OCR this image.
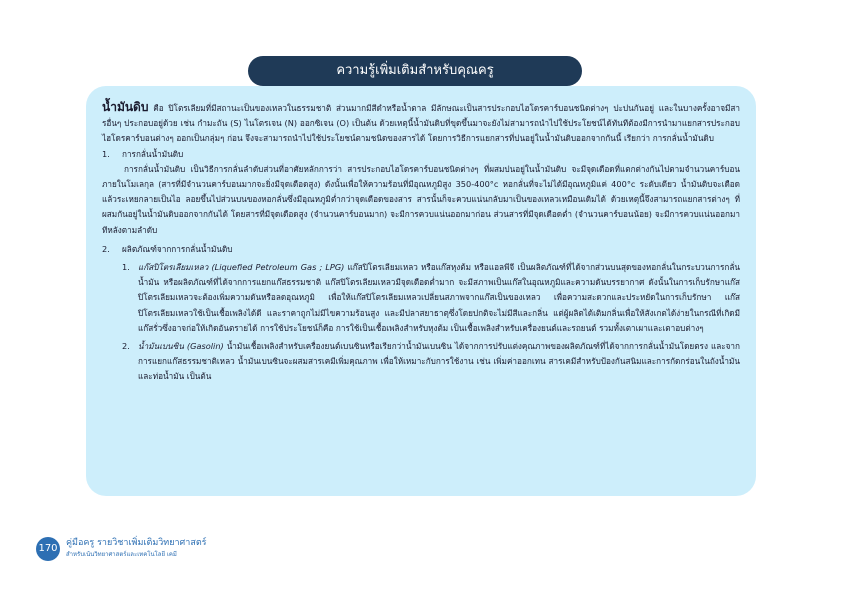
ความรู้เพิ่มเติมสำหรับคุณครู

น้ำมันดิบ คือ ปิโตรเลียมที่มีสถานะเป็นของเหลวในธรรมชาติ ส่วนมากมีสีดำหรือน้ำตาล มีลักษณะเป็นสารประกอบไฮโดรคาร์บอนชนิดต่างๆ ปะปนกันอยู่ และในบางครั้งอาจมีสารอื่นๆ ประกอบอยู่ด้วย เช่น กำมะถัน (S) ไนโตรเจน (N) ออกซิเจน (O) เป็นต้น ด้วยเหตุนี้น้ำมันดิบที่ขุดขึ้นมาจะยังไม่สามารถนำไปใช้ประโยชน์ได้ทันทีต้องมีการนำมาแยกสารประกอบไฮโดรคาร์บอนต่างๆ ออกเป็นกลุ่มๆ ก่อน จึงจะสามารถนำไปใช้ประโยชน์ตามชนิดของสารได้ โดยการวิธีการแยกสารที่ปนอยู่ในน้ำมันดิบออกจากกันนี้ เรียกว่า การกลั่นน้ำมันดิบ

1. การกลั่นน้ำมันดิบ

การกลั่นน้ำมันดิบ เป็นวิธีการกลั่นลำดับส่วนที่อาศัยหลักการว่า สารประกอบไฮโดรคาร์บอนชนิดต่างๆ ที่ผสมปนอยู่ในน้ำมันดิบ จะมีจุดเดือดที่แตกต่างกันไปตามจำนวนคาร์บอนภายในโมเลกุล (สารที่มีจำนวนคาร์บอนมากจะยิ่งมีจุดเดือดสูง) ดังนั้นเพื่อให้ความร้อนที่มีอุณหภูมิสูง 350-400°c หอกลั่นที่จะไม่ได้มีอุณหภูมิแค่ 400°c ระดับเดียว น้ำมันดิบจะเดือดแล้วระเหยกลายเป็นไอ ลอยขึ้นไปส่วนบนของหอกลั่นซึ่งมีอุณหภูมิต่ำกว่าจุดเดือดของสาร สารนั้นก็จะควบแน่นกลับมาเป็นของเหลวเหมือนเดิมได้ ด้วยเหตุนี้จึงสามารถแยกสารต่างๆ ที่ผสมกันอยู่ในน้ำมันดิบออกจากกันได้ โดยสารที่มีจุดเดือดสูง (จำนวนคาร์บอนมาก) จะมีการควบแน่นออกมาก่อน ส่วนสารที่มีจุดเดือดต่ำ (จำนวนคาร์บอนน้อย) จะมีการควบแน่นออกมาทีหลังตามลำดับ

2. ผลิตภัณฑ์จากการกลั่นน้ำมันดิบ

1. แก๊สปิโตรเลียมเหลว (Liquefied Petroleum Gas ; LPG) แก๊สปิโตรเลียมเหลว หรือแก๊สหุงต้ม หรือแอลพีจี เป็นผลิตภัณฑ์ที่ได้จากส่วนบนสุดของหอกลั่นในกระบวนการกลั่นน้ำมัน หรือผลิตภัณฑ์ที่ได้จากการแยกแก๊สธรรมชาติ แก๊สปิโตรเลียมเหลวมีจุดเดือดต่ำมาก จะมีสภาพเป็นแก๊สในอุณหภูมิและความดันบรรยากาศ ดังนั้นในการเก็บรักษาแก๊สปิโตรเลียมเหลวจะต้องเพิ่มความดันหรือลดอุณหภูมิ เพื่อให้แก๊สปิโตรเลียมเหลวเปลี่ยนสภาพจากแก๊สเป็นของเหลว เพื่อความสะดวกและประหยัดในการเก็บรักษา แก๊สปิโตรเลียมเหลวใช้เป็นเชื้อเพลิงได้ดี และราคาถูกไม่มีไขความร้อนสูง และมีปลาสยาธาตุซึ่งโดยปกติจะไม่มีสีและกลิ่น แต่ผู้ผลิตได้เติมกลิ่นเพื่อให้สังเกตได้ง่ายในกรณีที่เกิดมีแก๊สรั่วซึ่งอาจก่อให้เกิดอันตรายได้ การใช้ประโยชน์ก็คือ การใช้เป็นเชื้อเพลิงสำหรับหุงต้ม เป็นเชื้อเพลิงสำหรับเครื่องยนต์และรถยนต์ รวมทั้งเตาเผาและเตาอบต่างๆ

2. น้ำมันเบนซิน (Gasolin) น้ำมันเชื้อเพลิงสำหรับเครื่องยนต์เบนซินหรือเรียกว่าน้ำมันเบนซิน ได้จากการปรับแต่งคุณภาพของผลิตภัณฑ์ที่ได้จากการกลั่นน้ำมันโดยตรง และจากการแยกแก๊สธรรมชาติเหลว น้ำมันเบนซินจะผสมสารเคมีเพิ่มคุณภาพ เพื่อให้เหมาะกับการใช้งาน เช่น เพิ่มค่าออกเทน สารเคมีสำหรับป้องกันสนิมและการกัดกร่อนในถังน้ำมันและท่อน้ำมัน เป็นต้น

170 คู่มือครู รายวิชาเพิ่มเติมวิทยาศาสตร์
สำหรับเน้นวิทยาศาสตร์และเทคโนโลยี เคมี
